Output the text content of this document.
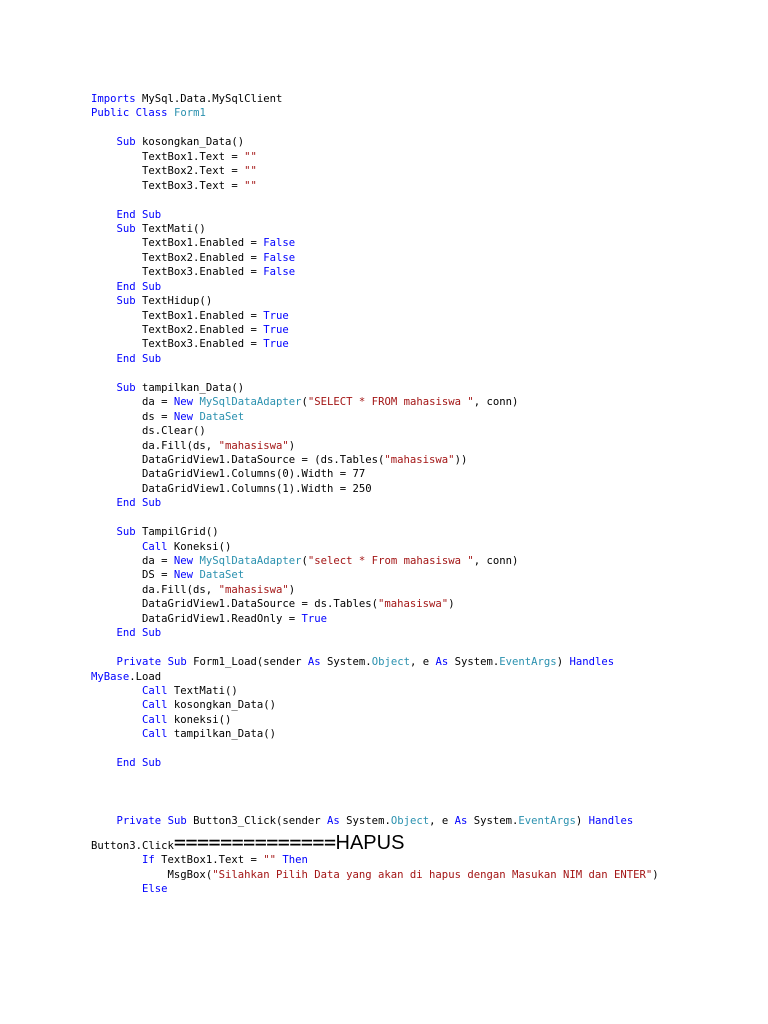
Imports MySql.Data.MySqlClient
Public Class Form1
Sub kosongkan_Data()
TextBox1.Text = ""
TextBox2.Text = ""
TextBox3.Text = ""
End Sub
Sub TextMati()
TextBox1.Enabled = False
TextBox2.Enabled = False
TextBox3.Enabled = False
End Sub
Sub TextHidup()
TextBox1.Enabled = True
TextBox2.Enabled = True
TextBox3.Enabled = True
End Sub
Sub tampilkan_Data()
da = New MySqlDataAdapter("SELECT * FROM mahasiswa ", conn)
ds = New DataSet
ds.Clear()
da.Fill(ds, "mahasiswa")
DataGridView1.DataSource = (ds.Tables("mahasiswa"))
DataGridView1.Columns(0).Width = 77
DataGridView1.Columns(1).Width = 250
End Sub
Sub TampilGrid()
Call Koneksi()
da = New MySqlDataAdapter("select * From mahasiswa ", conn)
DS = New DataSet
da.Fill(ds, "mahasiswa")
DataGridView1.DataSource = ds.Tables("mahasiswa")
DataGridView1.ReadOnly = True
End Sub
Private Sub Form1_Load(sender As System.Object, e As System.EventArgs) Handles
MyBase.Load
Call TextMati()
Call kosongkan_Data()
Call koneksi()
Call tampilkan_Data()
End Sub
Private Sub Button3_Click(sender As System.Object, e As System.EventArgs) Handles
Button3.Click==============HAPUS
If TextBox1.Text = "" Then
MsgBox("Silahkan Pilih Data yang akan di hapus dengan Masukan NIM dan ENTER")
Else
